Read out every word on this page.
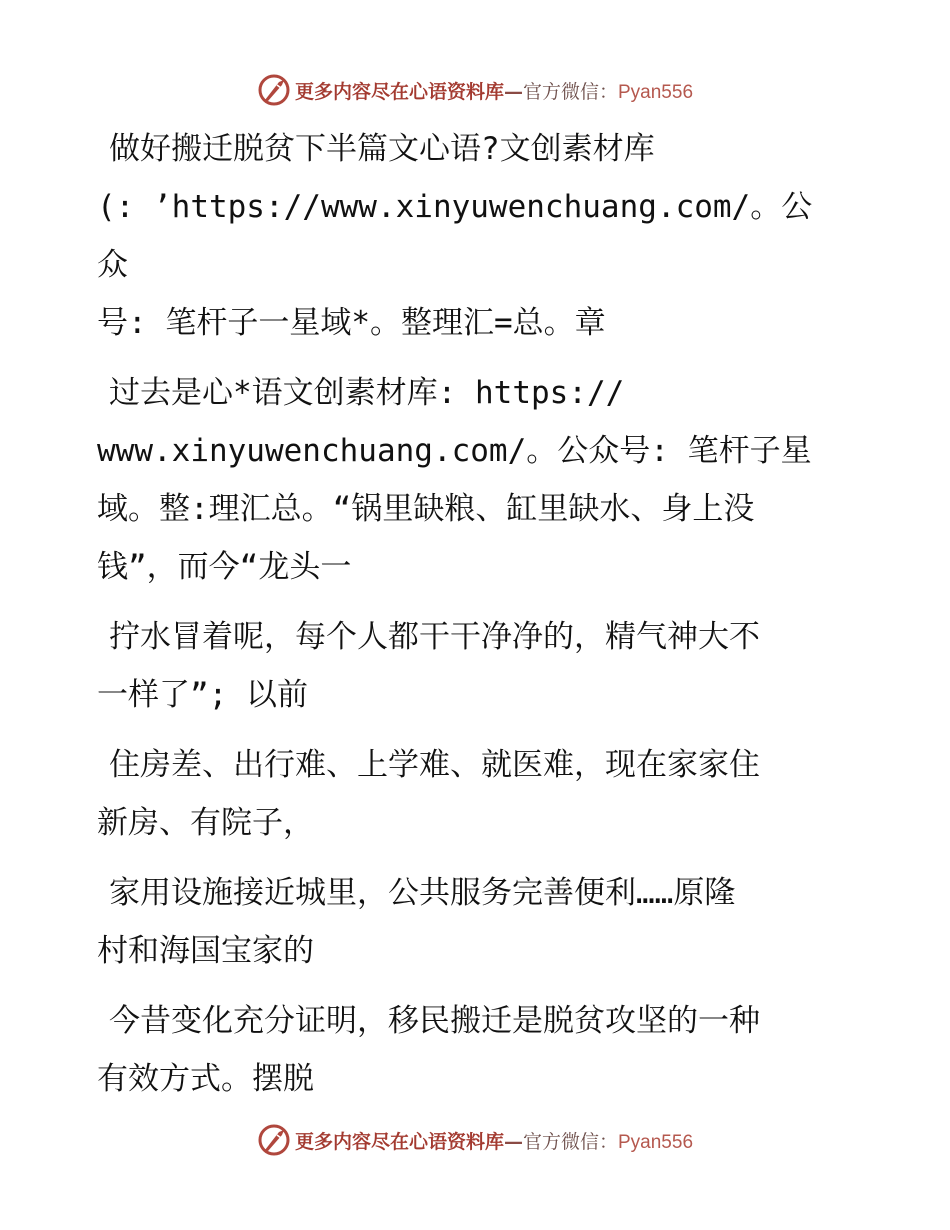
更多内容尽在心语资料库—官方微信：Pyan556

做好搬迁脱贫下半篇文心语?文创素材库
(: ’https://www.xinyuwenchuang.com/。公众
号: 笔杆子一星域*。整理汇=总。章

过去是心*语文创素材库: https://
www.xinyuwenchuang.com/。公众号: 笔杆子星
域。整:理汇总。“锅里缺粮、缸里缺水、身上没
钱”，而今“龙头一

拧水冒着呢，每个人都干干净净的，精气神大不
一样了”; 以前

住房差、出行难、上学难、就医难，现在家家住
新房、有院子，

家用设施接近城里，公共服务完善便利……原隆
村和海国宝家的

今昔变化充分证明，移民搬迁是脱贫攻坚的一种
有效方式。摆脱

更多内容尽在心语资料库—官方微信：Pyan556
